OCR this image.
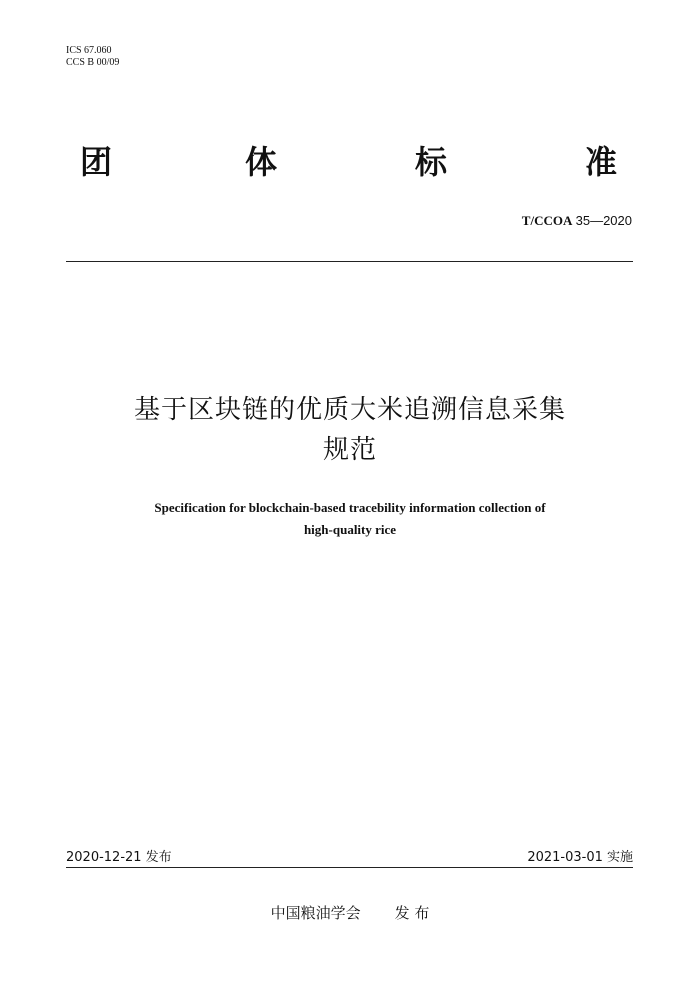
ICS 67.060
CCS B 00/09
团	体	标	准
T/CCOA 35—2020
基于区块链的优质大米追溯信息采集
规范
Specification for blockchain-based tracebility information collection of
high-quality rice
2020-12-21 发布	2021-03-01 实施
中国粮油学会 发 布
